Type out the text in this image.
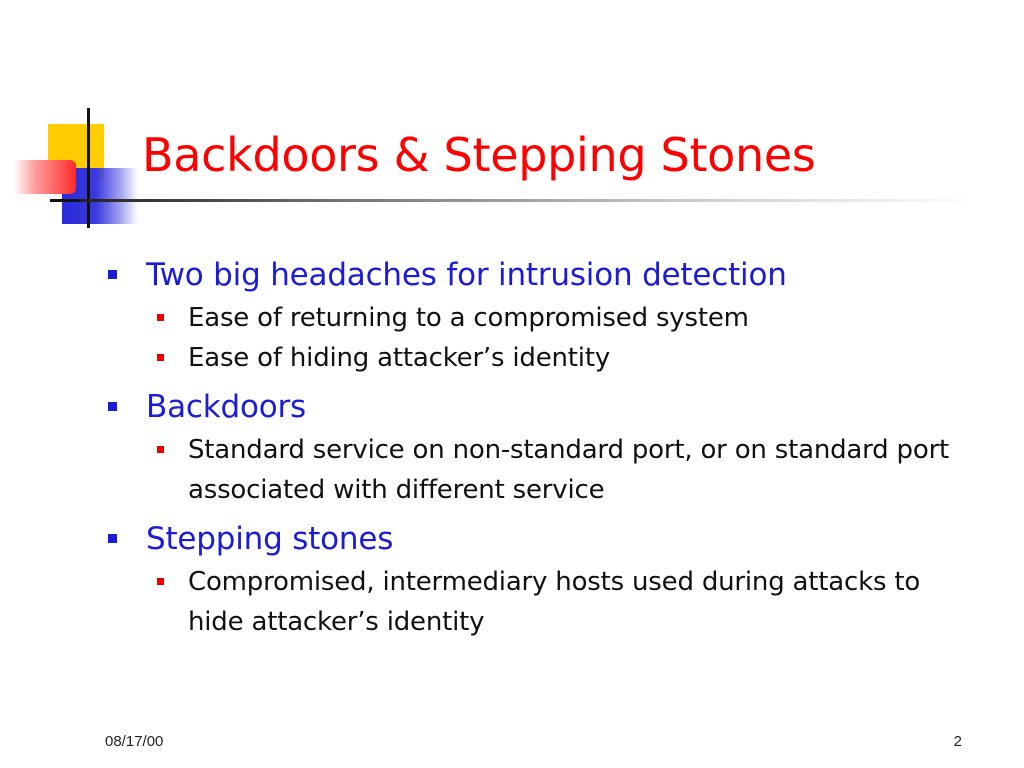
Backdoors & Stepping Stones
Two big headaches for intrusion detection
Ease of returning to a compromised system
Ease of hiding attacker’s identity
Backdoors
Standard service on non-standard port, or on standard port associated with different service
Stepping stones
Compromised, intermediary hosts used during attacks to hide attacker’s identity
08/17/00	2
